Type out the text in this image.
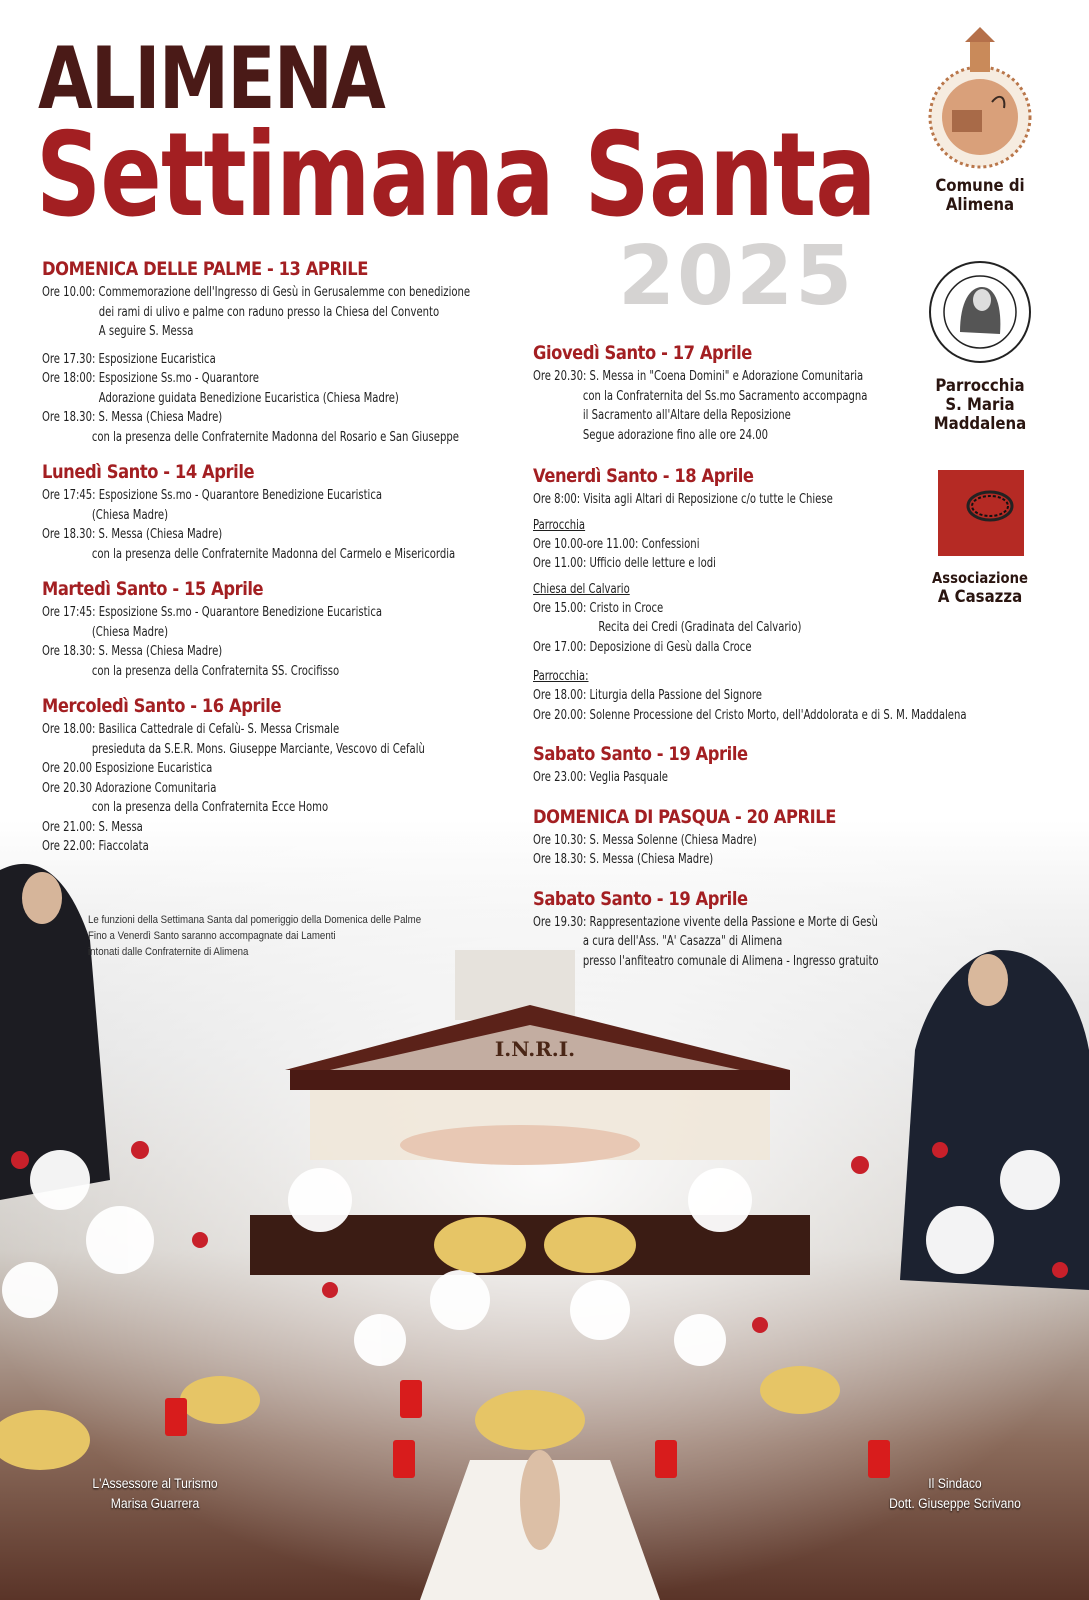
I.N.R.I.
ALIMENA
Settimana Santa
2025
DOMENICA DELLE PALME - 13 APRILE
Ore 10.00: Commemorazione dell'Ingresso di Gesù in Gerusalemme con benedizione
dei rami di ulivo e palme con raduno presso la Chiesa del Convento
A seguire S. Messa
Ore 17.30: Esposizione Eucaristica
Ore 18:00: Esposizione Ss.mo - Quarantore
Adorazione guidata Benedizione Eucaristica (Chiesa Madre)
Ore 18.30: S. Messa (Chiesa Madre)
con la presenza delle Confraternite Madonna del Rosario e San Giuseppe
Lunedì Santo - 14 Aprile
Ore 17:45: Esposizione Ss.mo - Quarantore Benedizione Eucaristica
(Chiesa Madre)
Ore 18.30: S. Messa (Chiesa Madre)
con la presenza delle Confraternite Madonna del Carmelo e Misericordia
Martedì Santo - 15 Aprile
Ore 17:45: Esposizione Ss.mo - Quarantore Benedizione Eucaristica
(Chiesa Madre)
Ore 18.30: S. Messa (Chiesa Madre)
con la presenza della Confraternita SS. Crocifisso
Mercoledì Santo - 16 Aprile
Ore 18.00: Basilica Cattedrale di Cefalù- S. Messa Crismale
presieduta da S.E.R. Mons. Giuseppe Marciante, Vescovo di Cefalù
Ore 20.00 Esposizione Eucaristica
Ore 20.30 Adorazione Comunitaria
con la presenza della Confraternita Ecce Homo
Ore 21.00: S. Messa
Ore 22.00: Fiaccolata
Giovedì Santo - 17 Aprile
Ore 20.30: S. Messa in "Coena Domini" e Adorazione Comunitaria
con la Confraternita del Ss.mo Sacramento accompagna
il Sacramento all'Altare della Reposizione
Segue adorazione fino alle ore 24.00
Venerdì Santo - 18 Aprile
Ore 8:00: Visita agli Altari di Reposizione c/o tutte le Chiese
Parrocchia
Ore 10.00-ore 11.00: Confessioni
Ore 11.00: Ufficio delle letture e lodi
Chiesa del Calvario
Ore 15.00: Cristo in Croce
Recita dei Credi (Gradinata del Calvario)
Ore 17.00: Deposizione di Gesù dalla Croce
Parrocchia:
Ore 18.00: Liturgia della Passione del Signore
Ore 20.00: Solenne Processione del Cristo Morto, dell'Addolorata e di S. M. Maddalena
Sabato Santo - 19 Aprile
Ore 23.00: Veglia Pasquale
DOMENICA DI PASQUA - 20 APRILE
Ore 10.30: S. Messa Solenne (Chiesa Madre)
Ore 18.30: S. Messa (Chiesa Madre)
Sabato Santo - 19 Aprile
Ore 19.30: Rappresentazione vivente della Passione e Morte di Gesù
a cura dell'Ass. "A' Casazza" di Alimena
presso l'anfiteatro comunale di Alimena - Ingresso gratuito
Le funzioni della Settimana Santa dal pomeriggio della Domenica delle Palme
Fino a Venerdì Santo saranno accompagnate dai Lamenti
intonati dalle Confraternite di Alimena
Comune di
Alimena
Parrocchia
S. Maria
Maddalena
Associazione
A Casazza
L'Assessore al Turismo
Marisa Guarrera
Il Sindaco
Dott. Giuseppe Scrivano
